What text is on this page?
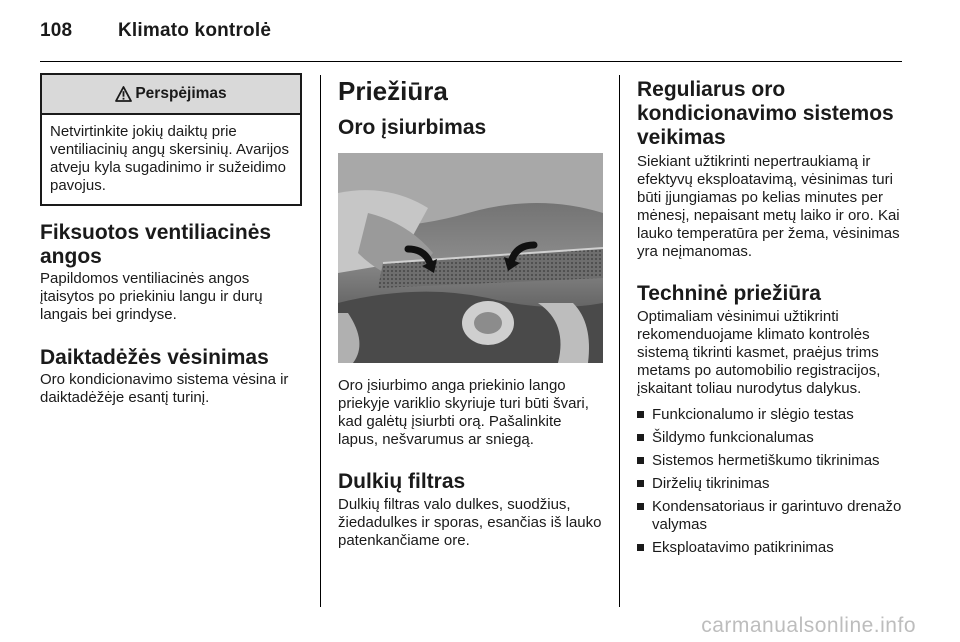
108 Klimato kontrolė
Perspėjimas
Netvirtinkite jokių daiktų prie ventiliacinių angų skersinių. Avarijos atveju kyla sugadinimo ir sužeidimo pavojus.
Fiksuotos ventiliacinės angos

Papildomos ventiliacinės angos įtaisytos po priekiniu langu ir durų langais bei grindyse.

Daiktadėžės vėsinimas

Oro kondicionavimo sistema vėsina ir daiktadėžėje esantį turinį.

Priežiūra
Oro įsiurbimas

Oro įsiurbimo anga priekinio lango priekyje variklio skyriuje turi būti švari, kad galėtų įsiurbti orą. Pašalinkite lapus, nešvarumus ar sniegą.

Dulkių filtras

Dulkių filtras valo dulkes, suodžius, žiedadulkes ir sporas, esančias iš lauko patenkančiame ore.

Reguliarus oro kondicionavimo sistemos veikimas

Siekiant užtikrinti nepertraukiamą ir efektyvų eksploatavimą, vėsinimas turi būti įjungiamas po kelias minutes per mėnesį, nepaisant metų laiko ir oro. Kai lauko temperatūra per žema, vėsinimas yra neįmanomas.

Techninė priežiūra

Optimaliam vėsinimui užtikrinti rekomenduojame klimato kontrolės sistemą tikrinti kasmet, praėjus trims metams po automobilio registracijos, įskaitant toliau nurodytus dalykus.

Funkcionalumo ir slėgio testas
Šildymo funkcionalumas
Sistemos hermetiškumo tikrinimas
Dirželių tikrinimas
Kondensatoriaus ir garintuvo drenažo valymas
Eksploatavimo patikrinimas
carmanualsonline.info
